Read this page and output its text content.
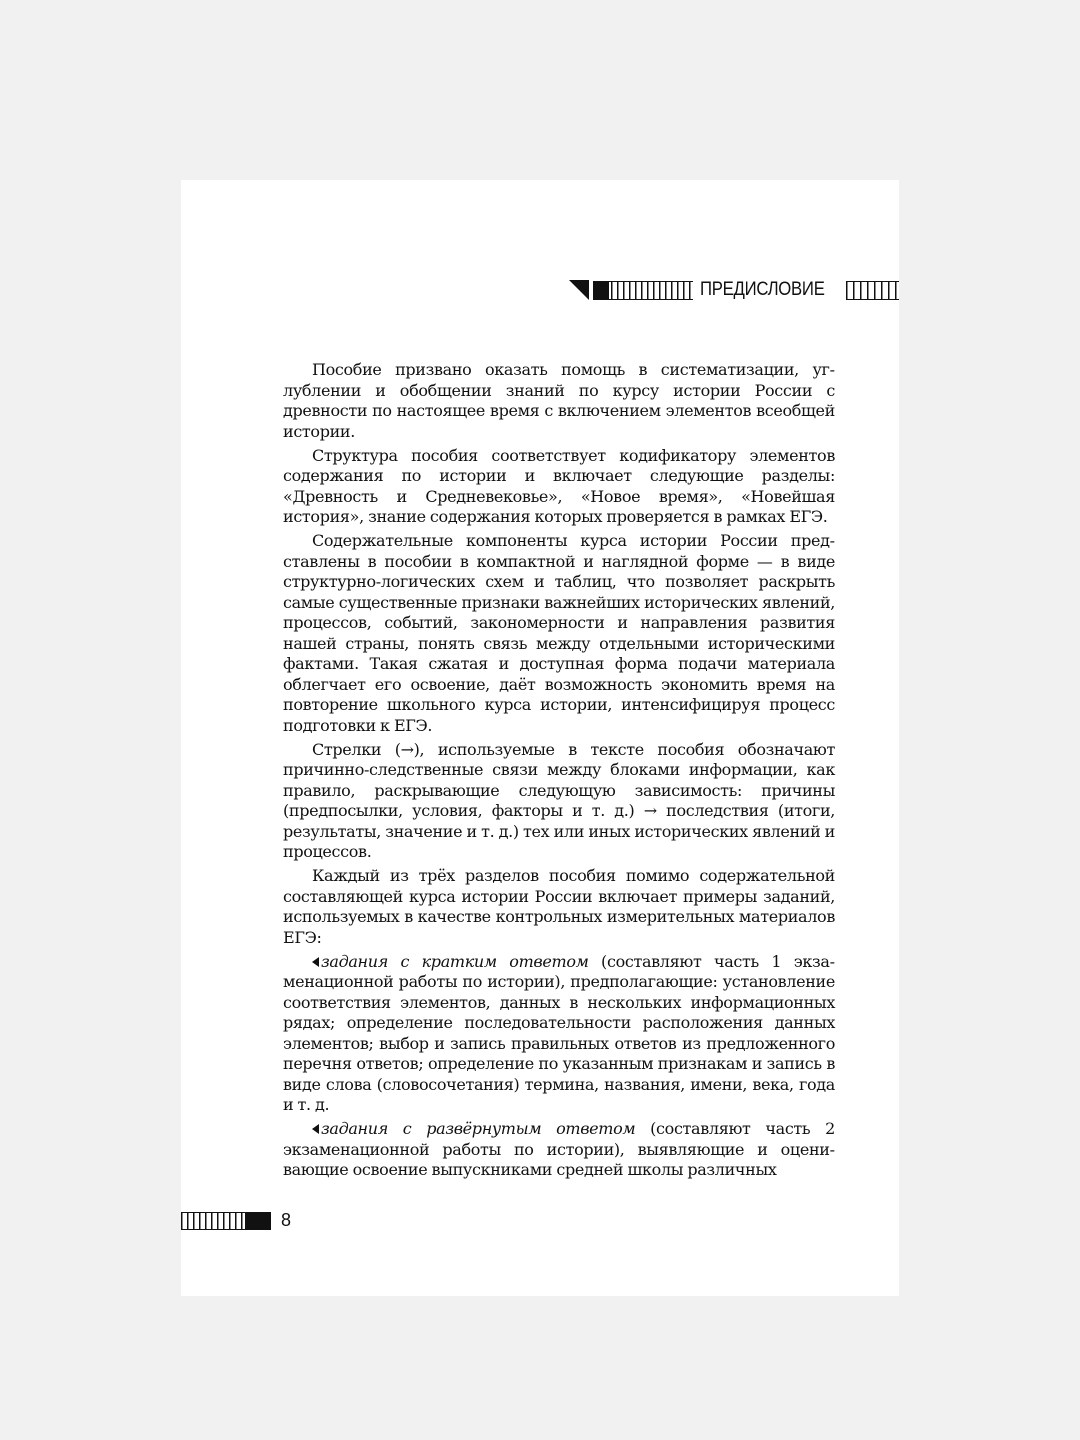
ПРЕДИСЛОВИЕ

Пособие призвано оказать помощь в систематизации, углублении и обобщении знаний по курсу истории России с древности по настоящее время с включением элементов всеобщей истории.

Структура пособия соответствует кодификатору элементов содержания по истории и включает следующие разделы: «Древность и Средневековье», «Новое время», «Новейшая история», знание содержания которых проверяется в рамках ЕГЭ.

Содержательные компоненты курса истории России представлены в пособии в компактной и наглядной форме — в виде структурно-логических схем и таблиц, что позволяет раскрыть самые существенные признаки важнейших исторических явлений, процессов, событий, закономерности и направления развития нашей страны, понять связь между отдельными историческими фактами. Такая сжатая и доступная форма подачи материала облегчает его освоение, даёт возможность экономить время на повторение школьного курса истории, интенсифицируя процесс подготовки к ЕГЭ.

Стрелки (→), используемые в тексте пособия обозначают причинно-следственные связи между блоками информации, как правило, раскрывающие следующую зависимость: причины (предпосылки, условия, факторы и т. д.) → последствия (итоги, результаты, значение и т. д.) тех или иных исторических явлений и процессов.

Каждый из трёх разделов пособия помимо содержательной составляющей курса истории России включает примеры заданий, используемых в качестве контрольных измерительных материалов ЕГЭ:

задания с кратким ответом (составляют часть 1 экзаменационной работы по истории), предполагающие: установление соответствия элементов, данных в нескольких информационных рядах; определение последовательности расположения данных элементов; выбор и запись правильных ответов из предложенного перечня ответов; определение по указанным признакам и запись в виде слова (словосочетания) термина, названия, имени, века, года и т. д.

задания с развёрнутым ответом (составляют часть 2 экзаменационной работы по истории), выявляющие и оценивающие освоение выпускниками средней школы различных

8
